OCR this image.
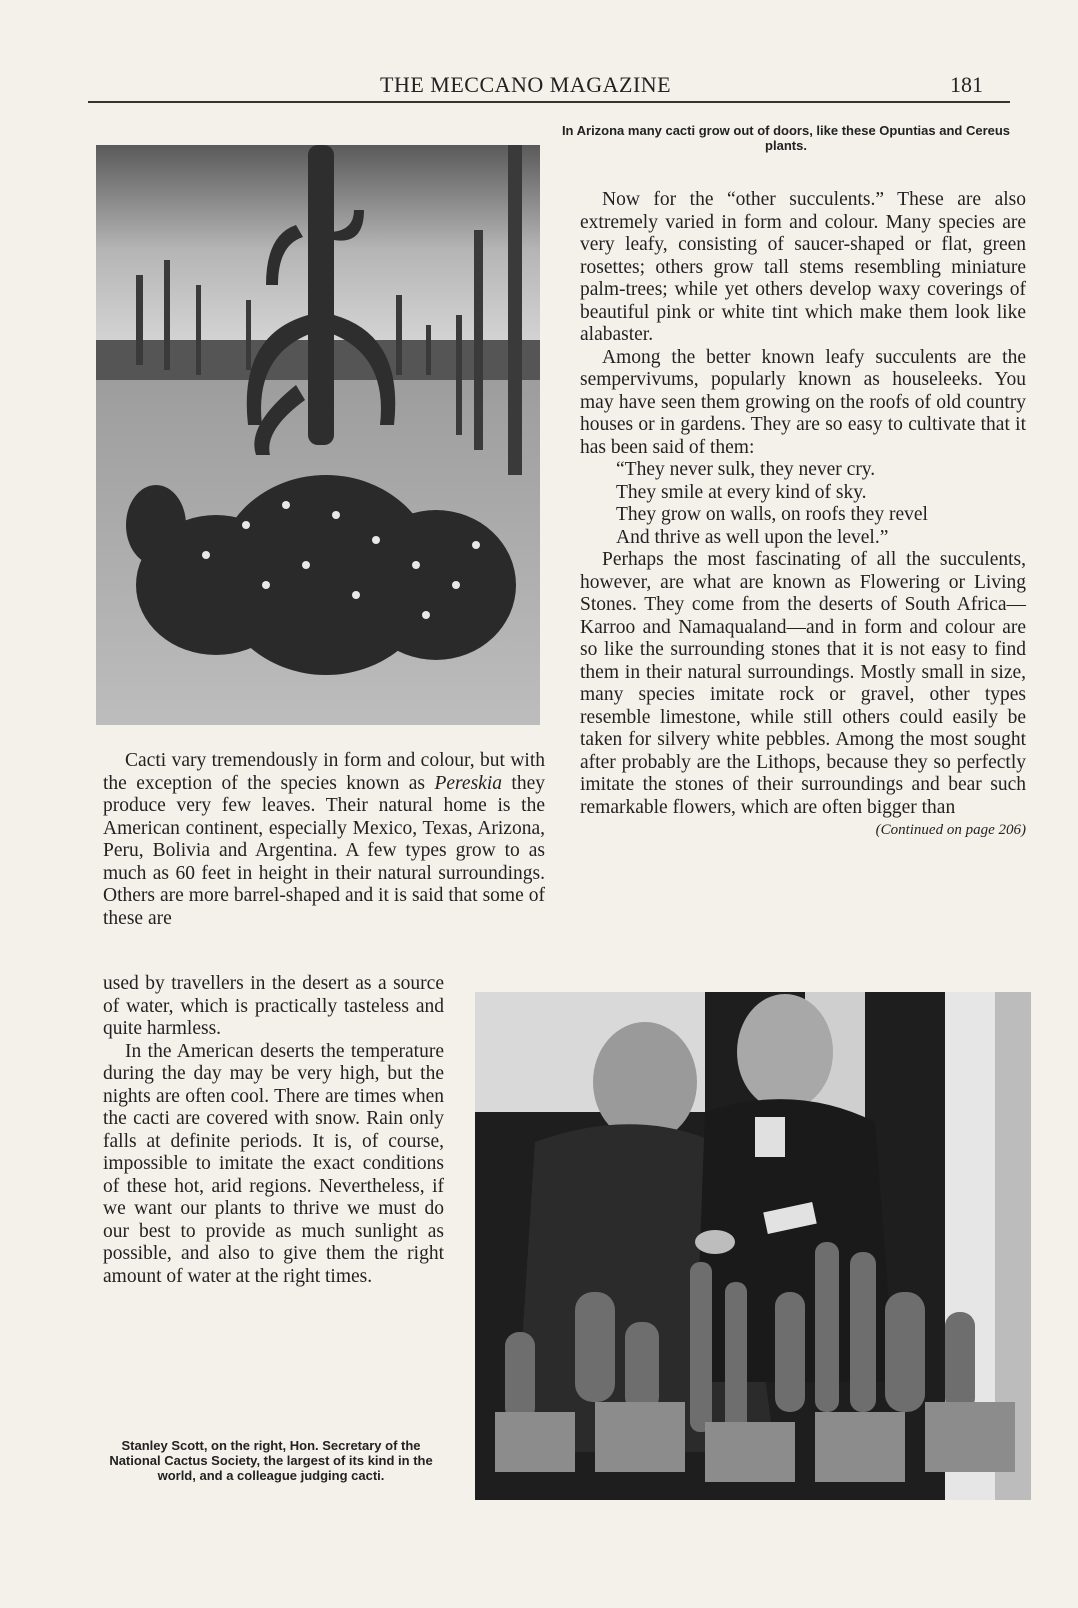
THE MECCANO MAGAZINE	181
In Arizona many cacti grow out of doors, like these Opuntias and Cereus plants.

Now for the “other succulents.” These are also extremely varied in form and colour. Many species are very leafy, consisting of saucer-shaped or flat, green rosettes; others grow tall stems resembling miniature palm-trees; while yet others develop waxy coverings of beautiful pink or white tint which make them look like alabaster.

Among the better known leafy succulents are the sempervivums, popularly known as houseleeks. You may have seen them growing on the roofs of old country houses or in gardens. They are so easy to cultivate that it has been said of them:

“They never sulk, they never cry.
They smile at every kind of sky.
They grow on walls, on roofs they revel
And thrive as well upon the level.”

Perhaps the most fascinating of all the succulents, however, are what are known as Flowering or Living Stones. They come from the deserts of South Africa—Karroo and Namaqualand—and in form and colour are so like the surrounding stones that it is not easy to find them in their natural surroundings. Mostly small in size, many species imitate rock or gravel, other types resemble limestone, while still others could easily be taken for silvery white pebbles. Among the most sought after probably are the Lithops, because they so perfectly imitate the stones of their surroundings and bear such remarkable flowers, which are often bigger than
(Continued on page 206)

Cacti vary tremendously in form and colour, but with the exception of the species known as Pereskia they produce very few leaves. Their natural home is the American continent, especially Mexico, Texas, Arizona, Peru, Bolivia and Argentina. A few types grow to as much as 60 feet in height in their natural surroundings. Others are more barrel-shaped and it is said that some of these are

used by travellers in the desert as a source of water, which is practically tasteless and quite harmless.

In the American deserts the temperature during the day may be very high, but the nights are often cool. There are times when the cacti are covered with snow. Rain only falls at definite periods. It is, of course, impossible to imitate the exact conditions of these hot, arid regions. Nevertheless, if we want our plants to thrive we must do our best to provide as much sunlight as possible, and also to give them the right amount of water at the right times.

Stanley Scott, on the right, Hon. Secretary of the National Cactus Society, the largest of its kind in the world, and a colleague judging cacti.
